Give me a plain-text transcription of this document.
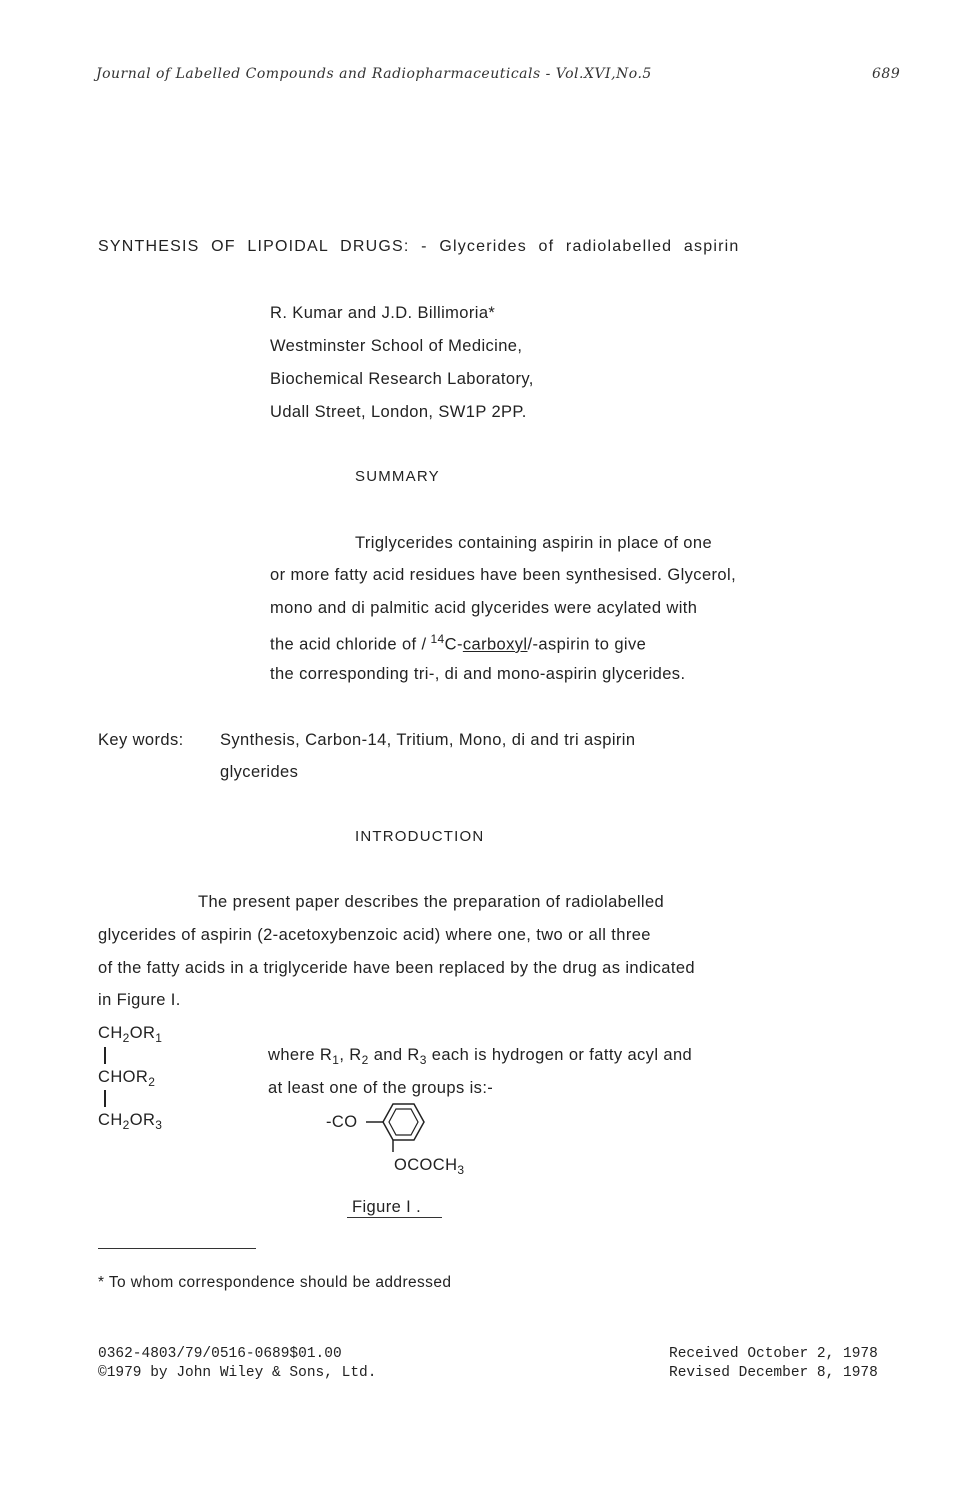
Journal of Labelled Compounds and Radiopharmaceuticals - Vol.XVI,No.5	689
SYNTHESIS OF LIPOIDAL DRUGS: - Glycerides of radiolabelled aspirin
R. Kumar and J.D. Billimoria*
Westminster School of Medicine,
Biochemical Research Laboratory,
Udall Street, London, SW1P 2PP.
SUMMARY
Triglycerides containing aspirin in place of one
or more fatty acid residues have been synthesised. Glycerol,
mono and di palmitic acid glycerides were acylated with
the acid chloride of / $^{14}$C-carboxyl/-aspirin to give
the corresponding tri-, di and mono-aspirin glycerides.
Key words: Synthesis, Carbon-14, Tritium, Mono, di and tri aspirin
glycerides
INTRODUCTION
The present paper describes the preparation of radiolabelled
glycerides of aspirin (2-acetoxybenzoic acid) where one, two or all three
of the fatty acids in a triglyceride have been replaced by the drug as indicated
in Figure I.
$CH_2OR_1$
$CHOR_2$
$CH_2OR_3$
where $R_1$, $R_2$ and $R_3$ each is hydrogen or fatty acyl and
at least one of the groups is:-
-CO
$OCOCH_3$
Figure I .
* To whom correspondence should be addressed
0362-4803/79/0516-0689$01.00
©1979 by John Wiley & Sons, Ltd.
Received October 2, 1978
Revised December 8, 1978
